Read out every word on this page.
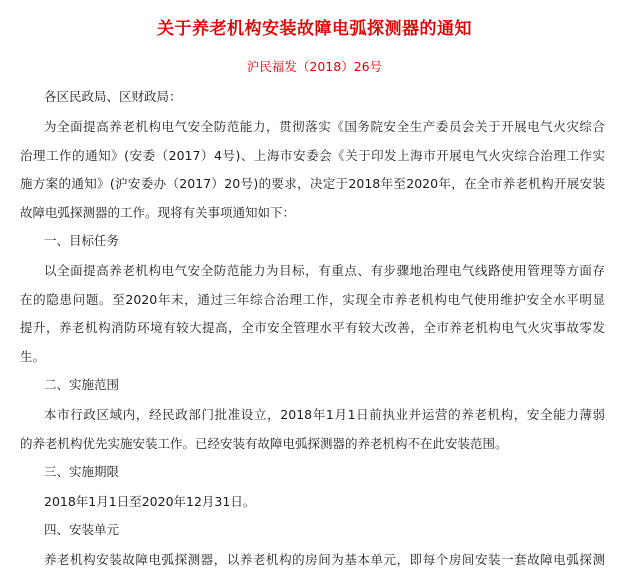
关于养老机构安装故障电弧探测器的通知
沪民福发（2018）26号
各区民政局、区财政局：
为全面提高养老机构电气安全防范能力，贯彻落实《国务院安全生产委员会关于开展电气火灾综合
治理工作的通知》(安委（2017）4号)、上海市安委会《关于印发上海市开展电气火灾综合治理工作实
施方案的通知》(沪安委办（2017）20号)的要求，决定于2018年至2020年，在全市养老机构开展安装
故障电弧探测器的工作。现将有关事项通知如下：
一、目标任务
以全面提高养老机构电气安全防范能力为目标，有重点、有步骤地治理电气线路使用管理等方面存
在的隐患问题。至2020年末，通过三年综合治理工作，实现全市养老机构电气使用维护安全水平明显
提升，养老机构消防环境有较大提高，全市安全管理水平有较大改善，全市养老机构电气火灾事故零发
生。
二、实施范围
本市行政区域内，经民政部门批准设立，2018年1月1日前执业并运营的养老机构，安全能力薄弱
的养老机构优先实施安装工作。已经安装有故障电弧探测器的养老机构不在此安装范围。
三、实施期限
2018年1月1日至2020年12月31日。
四、安装单元
养老机构安装故障电弧探测器，以养老机构的房间为基本单元，即每个房间安装一套故障电弧探测
